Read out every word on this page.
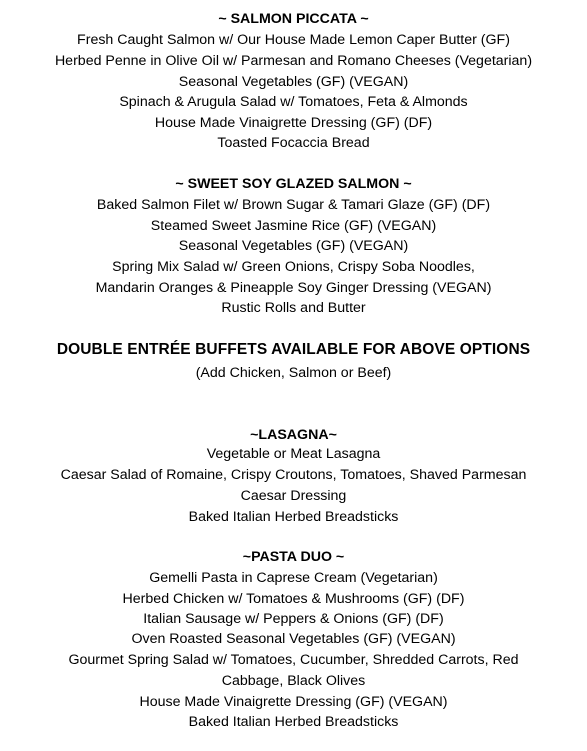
~ SALMON PICCATA ~
Fresh Caught Salmon w/ Our House Made Lemon Caper Butter (GF)
Herbed Penne in Olive Oil w/ Parmesan and Romano Cheeses (Vegetarian)
Seasonal Vegetables (GF) (VEGAN)
Spinach & Arugula Salad w/ Tomatoes, Feta & Almonds
House Made Vinaigrette Dressing (GF) (DF)
Toasted Focaccia Bread
~ SWEET SOY GLAZED SALMON ~
Baked Salmon Filet w/ Brown Sugar & Tamari Glaze (GF) (DF)
Steamed Sweet Jasmine Rice (GF) (VEGAN)
Seasonal Vegetables (GF) (VEGAN)
Spring Mix Salad w/ Green Onions, Crispy Soba Noodles,
Mandarin Oranges & Pineapple Soy Ginger Dressing (VEGAN)
Rustic Rolls and Butter
DOUBLE ENTRÉE BUFFETS AVAILABLE FOR ABOVE OPTIONS
(Add Chicken, Salmon or Beef)
~LASAGNA~
Vegetable or Meat Lasagna
Caesar Salad of Romaine, Crispy Croutons, Tomatoes, Shaved Parmesan
Caesar Dressing
Baked Italian Herbed Breadsticks
~PASTA DUO ~
Gemelli Pasta in Caprese Cream (Vegetarian)
Herbed Chicken w/ Tomatoes & Mushrooms (GF) (DF)
Italian Sausage w/ Peppers & Onions (GF) (DF)
Oven Roasted Seasonal Vegetables (GF) (VEGAN)
Gourmet Spring Salad w/ Tomatoes, Cucumber, Shredded Carrots, Red
Cabbage, Black Olives
House Made Vinaigrette Dressing (GF) (VEGAN)
Baked Italian Herbed Breadsticks
